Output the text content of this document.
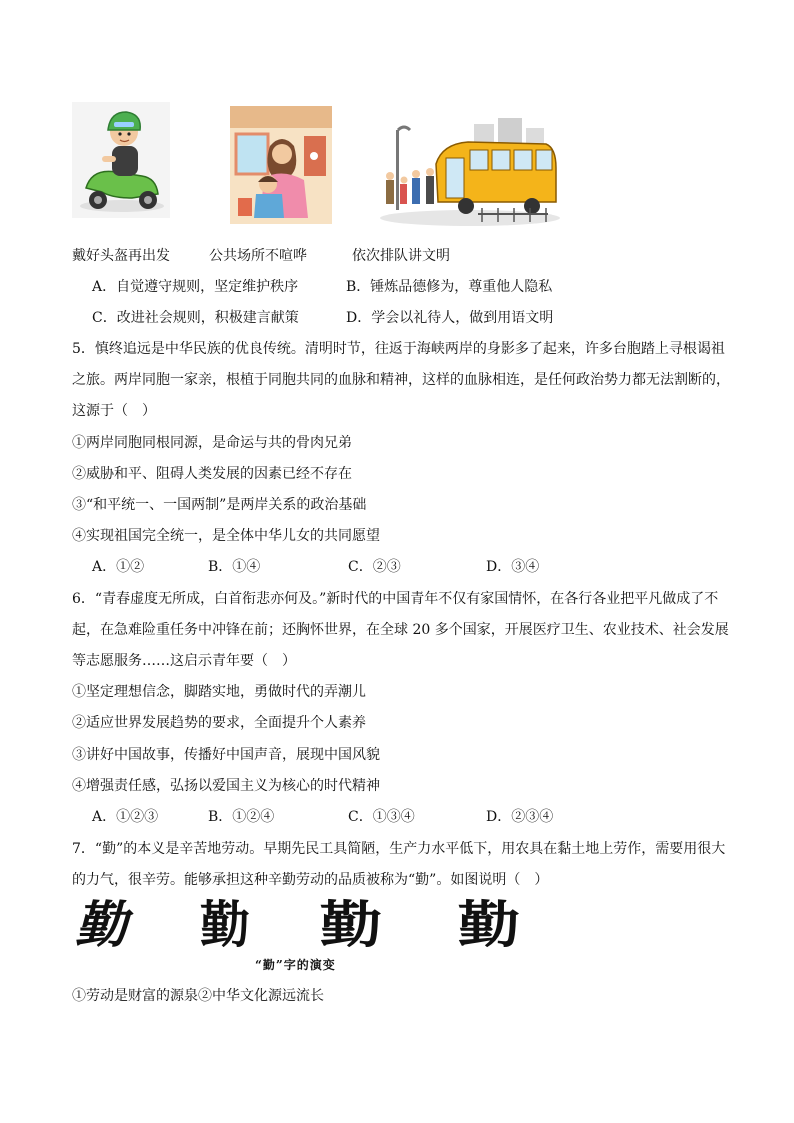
戴好头盔再出发	公共场所不喧哗	依次排队讲文明
A．自觉遵守规则，坚定维护秩序	B．锤炼品德修为，尊重他人隐私
C．改进社会规则，积极建言献策	D．学会以礼待人，做到用语文明
5．慎终追远是中华民族的优良传统。清明时节，往返于海峡两岸的身影多了起来，许多台胞踏上寻根谒祖
之旅。两岸同胞一家亲，根植于同胞共同的血脉和精神，这样的血脉相连，是任何政治势力都无法割断的，
这源于（　）
①两岸同胞同根同源，是命运与共的骨肉兄弟
②威胁和平、阻碍人类发展的因素已经不存在
③“和平统一、一国两制”是两岸关系的政治基础
④实现祖国完全统一，是全体中华儿女的共同愿望
A．①②	B．①④	C．②③	D．③④
6．“青春虚度无所成，白首衔悲亦何及。”新时代的中国青年不仅有家国情怀，在各行各业把平凡做成了不
起，在急难险重任务中冲锋在前；还胸怀世界，在全球 20 多个国家，开展医疗卫生、农业技术、社会发展
等志愿服务……这启示青年要（　）
①坚定理想信念，脚踏实地，勇做时代的弄潮儿
②适应世界发展趋势的要求，全面提升个人素养
③讲好中国故事，传播好中国声音，展现中国风貌
④增强责任感，弘扬以爱国主义为核心的时代精神
A．①②③	B．①②④	C．①③④	D．②③④
7．“勤”的本义是辛苦地劳动。早期先民工具简陋，生产力水平低下，用农具在黏土地上劳作，需要用很大
的力气，很辛劳。能够承担这种辛勤劳动的品质被称为“勤”。如图说明（　）
勤 勤 勤 勤
“勤”字的演变
①劳动是财富的源泉②中华文化源远流长
